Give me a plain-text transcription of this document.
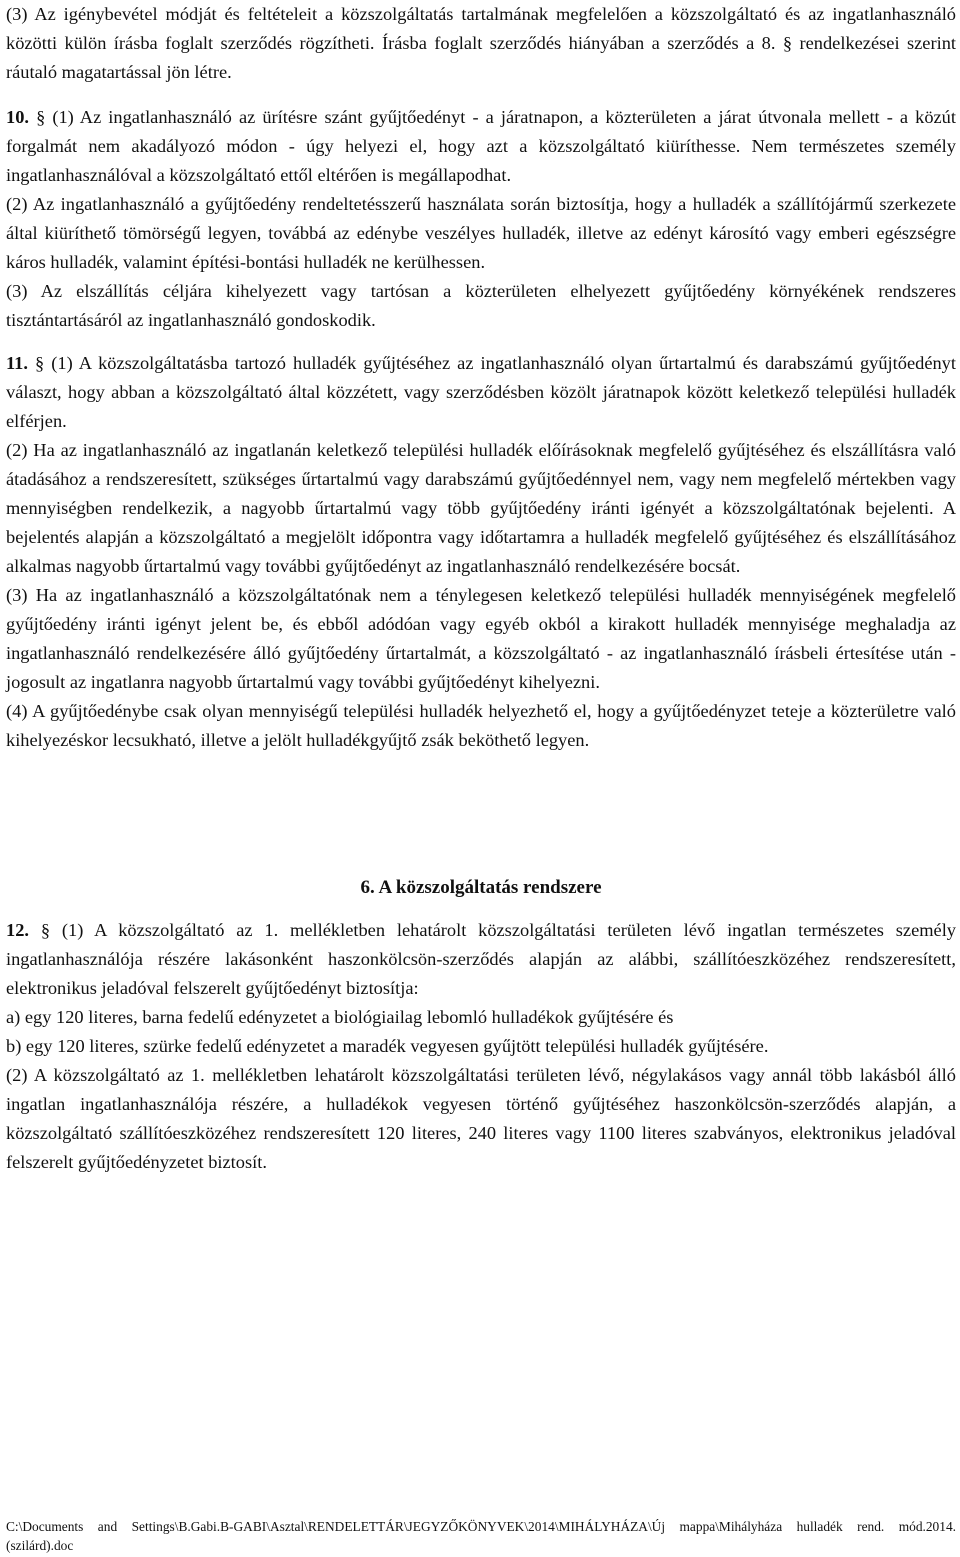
(3) Az igénybevétel módját és feltételeit a közszolgáltatás tartalmának megfelelően a közszolgáltató és az ingatlanhasználó közötti külön írásba foglalt szerződés rögzítheti. Írásba foglalt szerződés hiányában a szerződés a 8. § rendelkezései szerint ráutaló magatartással jön létre.

10. § (1) Az ingatlanhasználó az ürítésre szánt gyűjtőedényt - a járatnapon, a közterületen a járat útvonala mellett - a közút forgalmát nem akadályozó módon - úgy helyezi el, hogy azt a közszolgáltató kiüríthesse. Nem természetes személy ingatlanhasználóval a közszolgáltató ettől eltérően is megállapodhat.

(2) Az ingatlanhasználó a gyűjtőedény rendeltetésszerű használata során biztosítja, hogy a hulladék a szállítójármű szerkezete által kiüríthető tömörségű legyen, továbbá az edénybe veszélyes hulladék, illetve az edényt károsító vagy emberi egészségre káros hulladék, valamint építési-bontási hulladék ne kerülhessen.

(3) Az elszállítás céljára kihelyezett vagy tartósan a közterületen elhelyezett gyűjtőedény környékének rendszeres tisztántartásáról az ingatlanhasználó gondoskodik.

11. § (1) A közszolgáltatásba tartozó hulladék gyűjtéséhez az ingatlanhasználó olyan űrtartalmú és darabszámú gyűjtőedényt választ, hogy abban a közszolgáltató által közzétett, vagy szerződésben közölt járatnapok között keletkező települési hulladék elférjen.

(2) Ha az ingatlanhasználó az ingatlanán keletkező települési hulladék előírásoknak megfelelő gyűjtéséhez és elszállításra való átadásához a rendszeresített, szükséges űrtartalmú vagy darabszámú gyűjtőedénnyel nem, vagy nem megfelelő mértekben vagy mennyiségben rendelkezik, a nagyobb űrtartalmú vagy több gyűjtőedény iránti igényét a közszolgáltatónak bejelenti. A bejelentés alapján a közszolgáltató a megjelölt időpontra vagy időtartamra a hulladék megfelelő gyűjtéséhez és elszállításához alkalmas nagyobb űrtartalmú vagy további gyűjtőedényt az ingatlanhasználó rendelkezésére bocsát.

(3) Ha az ingatlanhasználó a közszolgáltatónak nem a ténylegesen keletkező települési hulladék mennyiségének megfelelő gyűjtőedény iránti igényt jelent be, és ebből adódóan vagy egyéb okból a kirakott hulladék mennyisége meghaladja az ingatlanhasználó rendelkezésére álló gyűjtőedény űrtartalmát, a közszolgáltató - az ingatlanhasználó írásbeli értesítése után - jogosult az ingatlanra nagyobb űrtartalmú vagy további gyűjtőedényt kihelyezni.

(4) A gyűjtőedénybe csak olyan mennyiségű települési hulladék helyezhető el, hogy a gyűjtőedényzet teteje a közterületre való kihelyezéskor lecsukható, illetve a jelölt hulladékgyűjtő zsák beköthető legyen.

6. A közszolgáltatás rendszere

12. § (1) A közszolgáltató az 1. mellékletben lehatárolt közszolgáltatási területen lévő ingatlan természetes személy ingatlanhasználója részére lakásonként haszonkölcsön-szerződés alapján az alábbi, szállítóeszközéhez rendszeresített, elektronikus jeladóval felszerelt gyűjtőedényt biztosítja:

a) egy 120 literes, barna fedelű edényzetet a biológiailag lebomló hulladékok gyűjtésére és

b) egy 120 literes, szürke fedelű edényzetet a maradék vegyesen gyűjtött települési hulladék gyűjtésére.

(2) A közszolgáltató az 1. mellékletben lehatárolt közszolgáltatási területen lévő, négylakásos vagy annál több lakásból álló ingatlan ingatlanhasználója részére, a hulladékok vegyesen történő gyűjtéséhez haszonkölcsön-szerződés alapján, a közszolgáltató szállítóeszközéhez rendszeresített 120 literes, 240 literes vagy 1100 literes szabványos, elektronikus jeladóval felszerelt gyűjtőedényzetet biztosít.

C:\Documents and Settings\B.Gabi.B-GABI\Asztal\RENDELETTÁR\JEGYZŐKÖNYVEK\2014\MIHÁLYHÁZA\Új mappa\Mihályháza hulladék rend. mód.2014.(szilárd).doc
